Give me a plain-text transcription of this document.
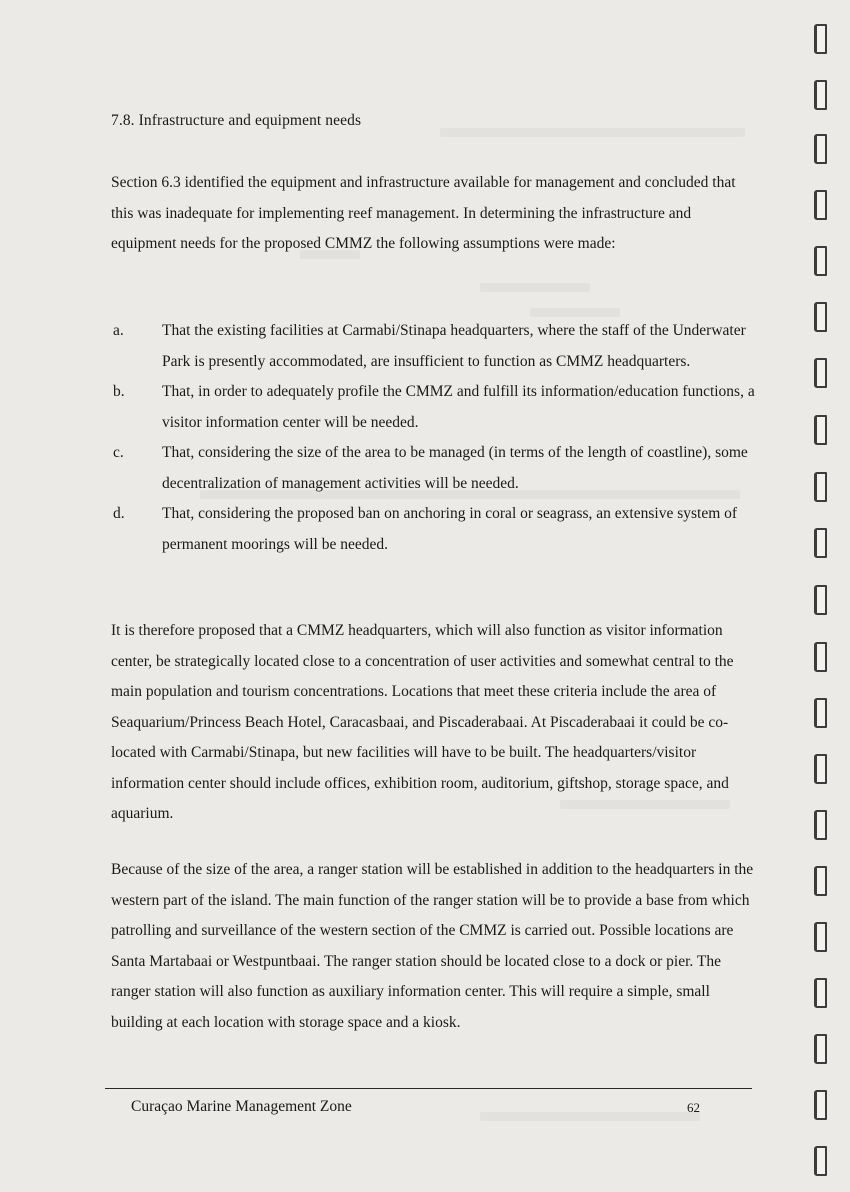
7.8. Infrastructure and equipment needs
Section 6.3 identified the equipment and infrastructure available for management and concluded that this was inadequate for implementing reef management. In determining the infrastructure and equipment needs for the proposed CMMZ the following assumptions were made:
a. That the existing facilities at Carmabi/Stinapa headquarters, where the staff of the Underwater Park is presently accommodated, are insufficient to function as CMMZ headquarters.
b. That, in order to adequately profile the CMMZ and fulfill its information/education functions, a visitor information center will be needed.
c. That, considering the size of the area to be managed (in terms of the length of coastline), some decentralization of management activities will be needed.
d. That, considering the proposed ban on anchoring in coral or seagrass, an extensive system of permanent moorings will be needed.
It is therefore proposed that a CMMZ headquarters, which will also function as visitor information center, be strategically located close to a concentration of user activities and somewhat central to the main population and tourism concentrations. Locations that meet these criteria include the area of Seaquarium/Princess Beach Hotel, Caracasbaai, and Piscaderabaai. At Piscaderabaai it could be co-located with Carmabi/Stinapa, but new facilities will have to be built. The headquarters/visitor information center should include offices, exhibition room, auditorium, giftshop, storage space, and aquarium.
Because of the size of the area, a ranger station will be established in addition to the headquarters in the western part of the island. The main function of the ranger station will be to provide a base from which patrolling and surveillance of the western section of the CMMZ is carried out. Possible locations are Santa Martabaai or Westpuntbaai. The ranger station should be located close to a dock or pier. The ranger station will also function as auxiliary information center. This will require a simple, small building at each location with storage space and a kiosk.
Curaçao Marine Management Zone	62
